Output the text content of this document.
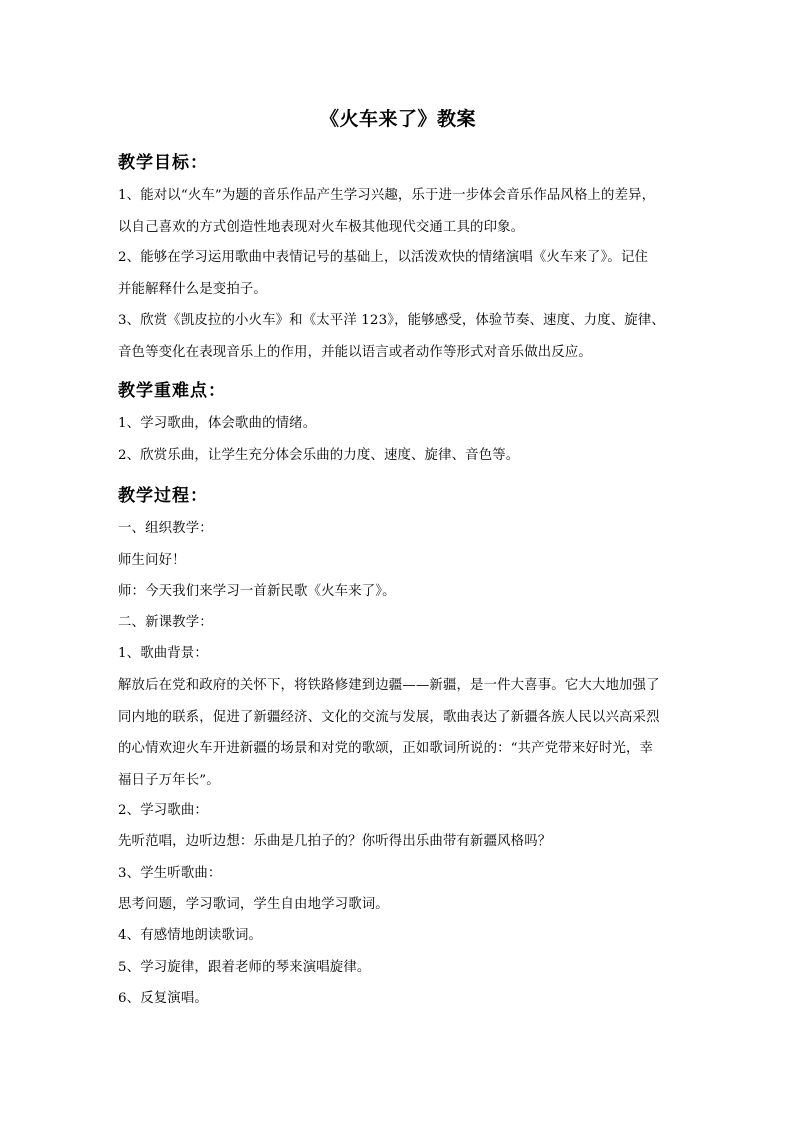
《火车来了》教案
教学目标：
1、能对以“火车”为题的音乐作品产生学习兴趣，乐于进一步体会音乐作品风格上的差异，
以自己喜欢的方式创造性地表现对火车极其他现代交通工具的印象。
2、能够在学习运用歌曲中表情记号的基础上，以活泼欢快的情绪演唱《火车来了》。记住
并能解释什么是变拍子。
3、欣赏《凯皮拉的小火车》和《太平洋 123》，能够感受，体验节奏、速度、力度、旋律、
音色等变化在表现音乐上的作用，并能以语言或者动作等形式对音乐做出反应。
教学重难点：
1、学习歌曲，体会歌曲的情绪。
2、欣赏乐曲，让学生充分体会乐曲的力度、速度、旋律、音色等。
教学过程：
一、组织教学：
师生问好！
师：今天我们来学习一首新民歌《火车来了》。
二、新课教学：
1、歌曲背景：
解放后在党和政府的关怀下，将铁路修建到边疆——新疆，是一件大喜事。它大大地加强了
同内地的联系，促进了新疆经济、文化的交流与发展，歌曲表达了新疆各族人民以兴高采烈
的心情欢迎火车开进新疆的场景和对党的歌颂，正如歌词所说的：“共产党带来好时光，幸
福日子万年长”。
2、学习歌曲：
先听范唱，边听边想：乐曲是几拍子的？你听得出乐曲带有新疆风格吗？
3、学生听歌曲：
思考问题，学习歌词，学生自由地学习歌词。
4、有感情地朗读歌词。
5、学习旋律，跟着老师的琴来演唱旋律。
6、反复演唱。
